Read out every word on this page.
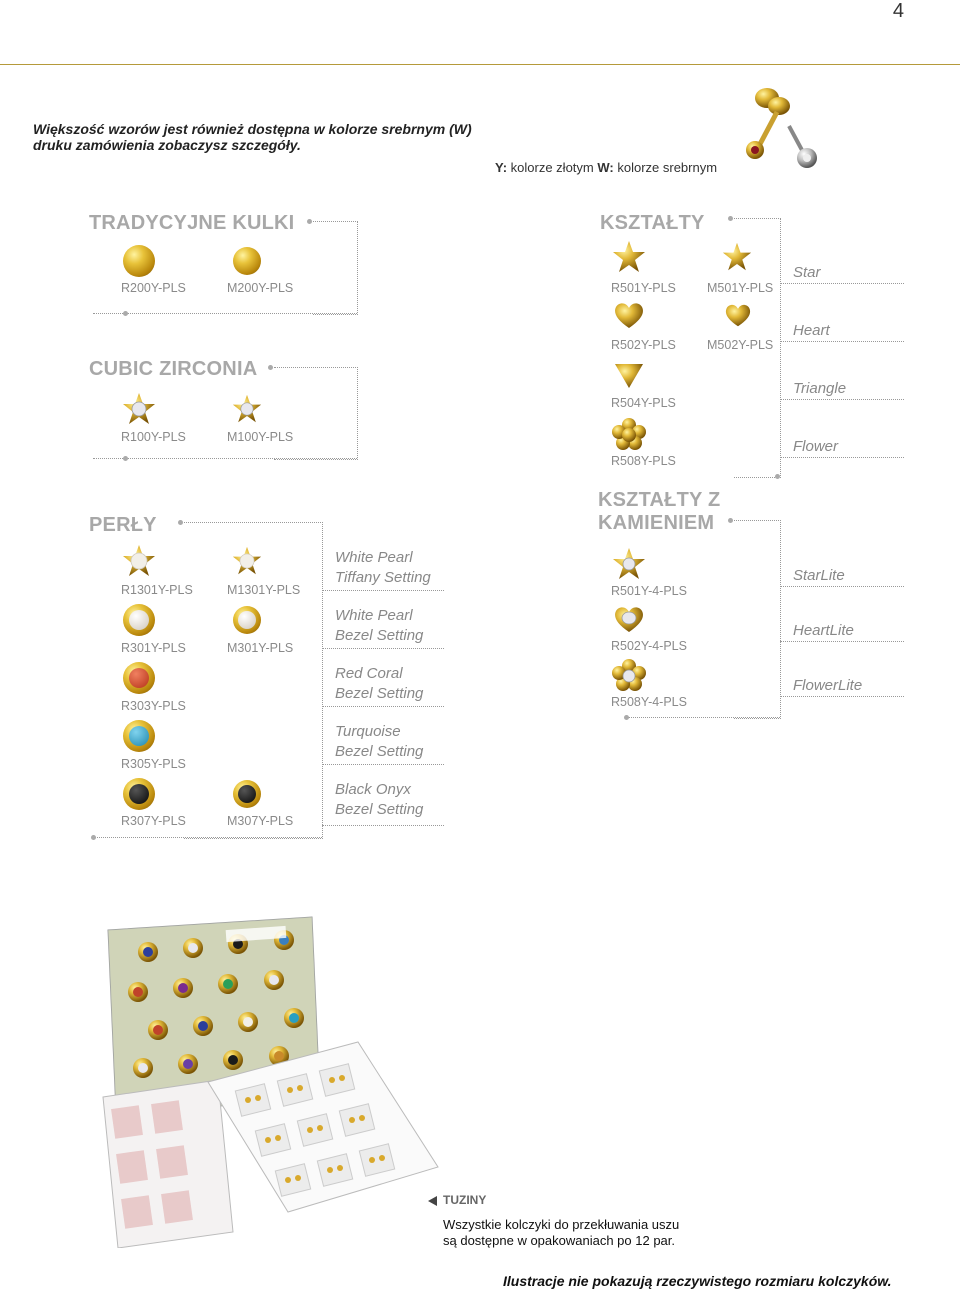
4
Większość wzorów jest również dostępna w kolorze srebrnym (W)
druku zamówienia zobaczysz szczegóły.
Y: kolorze złotym W: kolorze srebrnym
TRADYCYJNE KULKI
R200Y-PLS	M200Y-PLS
CUBIC ZIRCONIA
R100Y-PLS	M100Y-PLS
PERŁY
R1301Y-PLS	M1301Y-PLS
White Pearl
Tiffany Setting
R301Y-PLS	M301Y-PLS
White Pearl
Bezel Setting
R303Y-PLS
Red Coral
Bezel Setting
R305Y-PLS
Turquoise
Bezel Setting
R307Y-PLS	M307Y-PLS
Black Onyx
Bezel Setting
KSZTAŁTY
R501Y-PLS M501Y-PLS
Star
R502Y-PLS M502Y-PLS
Heart
R504Y-PLS
Triangle
R508Y-PLS
Flower
KSZTAŁTY Z
KAMIENIEM
R501Y-4-PLS
StarLite
R502Y-4-PLS
HeartLite
R508Y-4-PLS
FlowerLite
TUZINY
Wszystkie kolczyki do przekłuwania uszu
są dostępne w opakowaniach po 12 par.
Ilustracje nie pokazują rzeczywistego rozmiaru kolczyków.
